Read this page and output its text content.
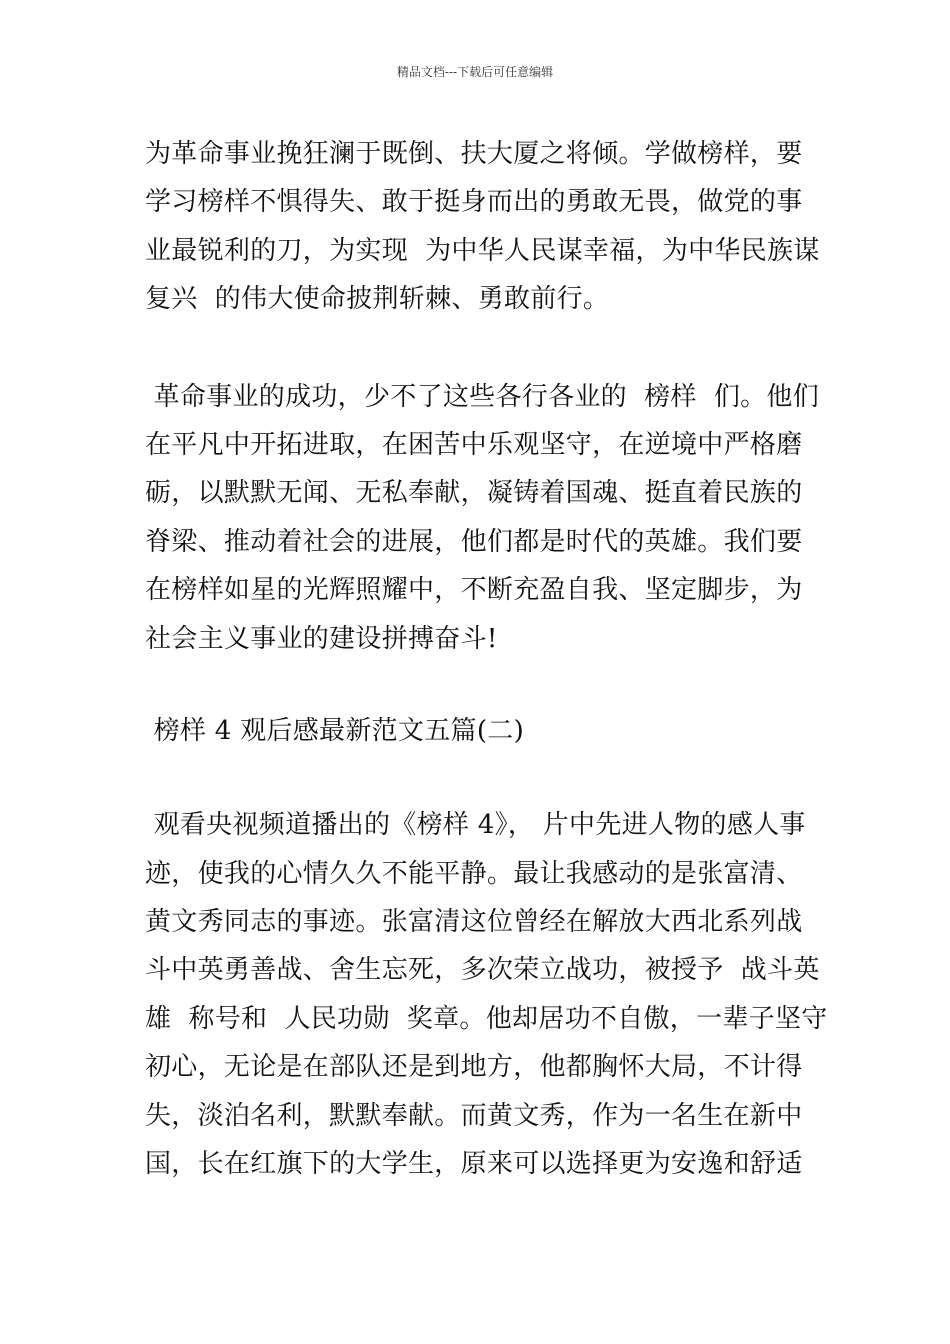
精品文档---下载后可任意编辑
为革命事业挽狂澜于既倒、扶大厦之将倾。学做榜样，要
学习榜样不惧得失、敢于挺身而出的勇敢无畏，做党的事
业最锐利的刀，为实现  为中华人民谋幸福，为中华民族谋
复兴  的伟大使命披荆斩棘、勇敢前行。
革命事业的成功，少不了这些各行各业的  榜样  们。他们
在平凡中开拓进取，在困苦中乐观坚守，在逆境中严格磨
砺，以默默无闻、无私奉献，凝铸着国魂、挺直着民族的
脊梁、推动着社会的进展，他们都是时代的英雄。我们要
在榜样如星的光辉照耀中，不断充盈自我、坚定脚步，为
社会主义事业的建设拼搏奋斗!
榜样 4 观后感最新范文五篇(二)
观看央视频道播出的《榜样 4》， 片中先进人物的感人事
迹，使我的心情久久不能平静。最让我感动的是张富清、
黄文秀同志的事迹。张富清这位曾经在解放大西北系列战
斗中英勇善战、舍生忘死，多次荣立战功，被授予  战斗英
雄  称号和  人民功勋  奖章。他却居功不自傲，一辈子坚守
初心，无论是在部队还是到地方，他都胸怀大局，不计得
失，淡泊名利，默默奉献。而黄文秀，作为一名生在新中
国，长在红旗下的大学生，原来可以选择更为安逸和舒适
